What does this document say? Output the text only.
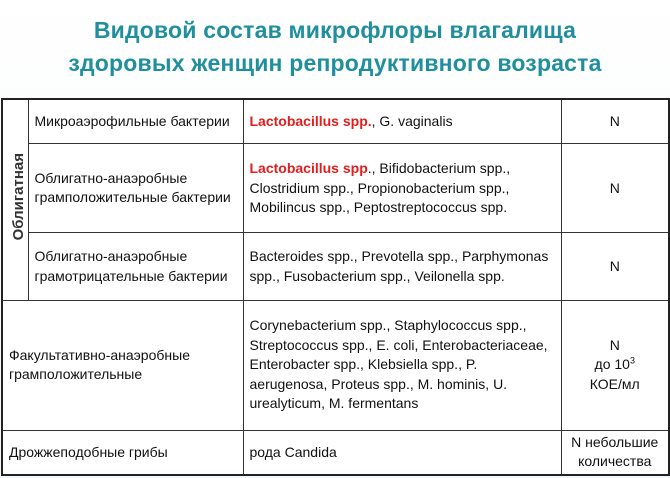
Видовой состав микрофлоры влагалища
здоровых женщин репродуктивного возраста
Облигатная	Микроаэрофильные бактерии	Lactobacillus spp., G. vaginalis	N
	Облигатно-анаэробные грамположительные бактерии	Lactobacillus spp., Bifidobacterium spp., Clostridium spp., Propionobacterium spp., Mobilincus spp., Peptostreptococcus spp.	N
	Облигатно-анаэробные грамотрицательные бактерии	Bacteroides spp., Prevotella spp., Parphymonas spp., Fusobacterium spp., Veilonella spp.	N
Факультативно-анаэробные грамположительные		Corynebacterium spp., Staphylococcus spp., Streptococcus spp., E. coli, Enterobacteriaceae, Enterobacter spp., Klebsiella spp., P. aerugenosa, Proteus spp., M. hominis, U. urealyticum, M. fermentans	N
до $10^3$
КОЕ/мл

Дрожжеподобные грибы		рода Candida	N небольшие
количества
